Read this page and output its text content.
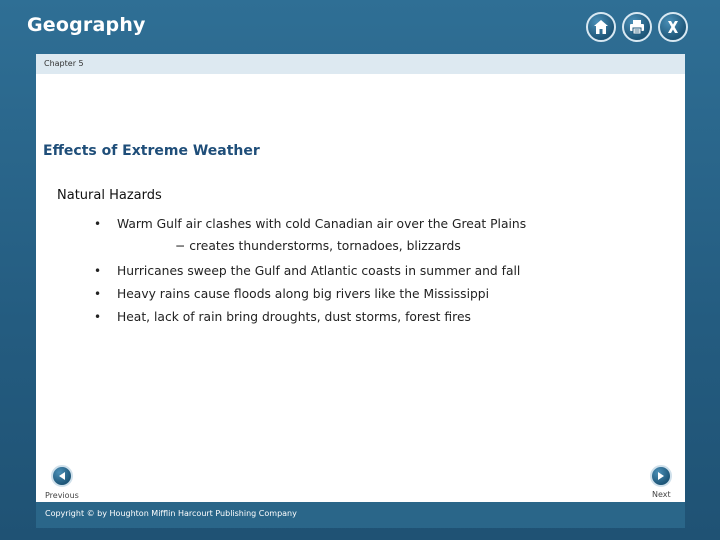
Geography
Chapter 5
Effects of Extreme Weather
Natural Hazards
• Warm Gulf air clashes with cold Canadian air over the Great Plains
− creates thunderstorms, tornadoes, blizzards
• Hurricanes sweep the Gulf and Atlantic coasts in summer and fall
• Heavy rains cause floods along big rivers like the Mississippi
• Heat, lack of rain bring droughts, dust storms, forest fires
Previous	Next
Copyright © by Houghton Mifflin Harcourt Publishing Company
